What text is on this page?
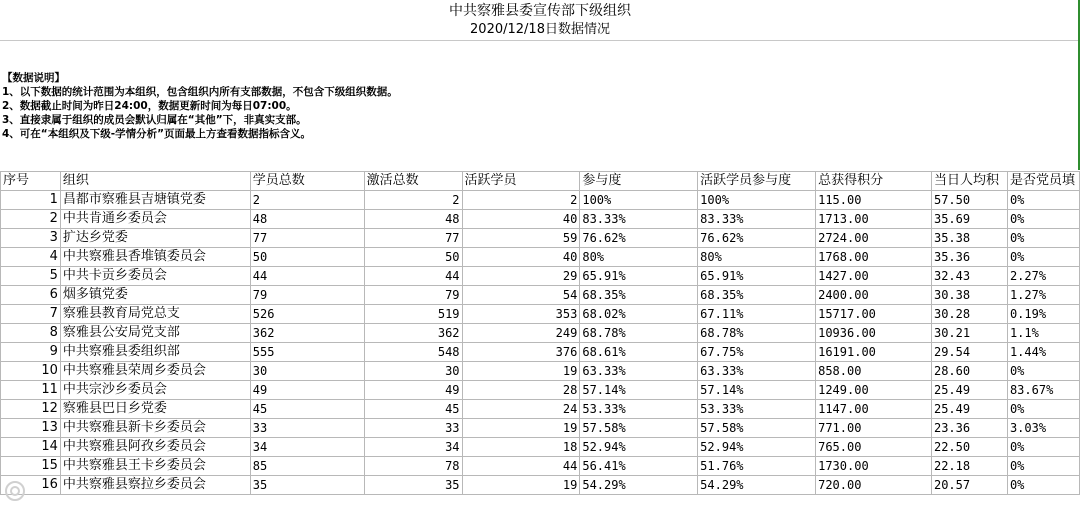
中共察雅县委宣传部下级组织
2020/12/18日数据情况
【数据说明】
1、以下数据的统计范围为本组织，包含组织内所有支部数据，不包含下级组织数据。
2、数据截止时间为昨日24:00，数据更新时间为每日07:00。
3、直接隶属于组织的成员会默认归属在“其他”下，非真实支部。
4、可在“本组织及下级-学情分析”页面最上方查看数据指标含义。
序号	组织	学员总数	激活总数	活跃学员	参与度	活跃学员参与度	总获得积分	当日人均积	是否党员填
1	昌都市察雅县吉塘镇党委	2	2	2	100%	100%	115.00	57.50	0%
2	中共肯通乡委员会	48	48	40	83.33%	83.33%	1713.00	35.69	0%
3	扩达乡党委	77	77	59	76.62%	76.62%	2724.00	35.38	0%
4	中共察雅县香堆镇委员会	50	50	40	80%	80%	1768.00	35.36	0%
5	中共卡贡乡委员会	44	44	29	65.91%	65.91%	1427.00	32.43	2.27%
6	烟多镇党委	79	79	54	68.35%	68.35%	2400.00	30.38	1.27%
7	察雅县教育局党总支	526	519	353	68.02%	67.11%	15717.00	30.28	0.19%
8	察雅县公安局党支部	362	362	249	68.78%	68.78%	10936.00	30.21	1.1%
9	中共察雅县委组织部	555	548	376	68.61%	67.75%	16191.00	29.54	1.44%
10	中共察雅县荣周乡委员会	30	30	19	63.33%	63.33%	858.00	28.60	0%
11	中共宗沙乡委员会	49	49	28	57.14%	57.14%	1249.00	25.49	83.67%
12	察雅县巴日乡党委	45	45	24	53.33%	53.33%	1147.00	25.49	0%
13	中共察雅县新卡乡委员会	33	33	19	57.58%	57.58%	771.00	23.36	3.03%
14	中共察雅县阿孜乡委员会	34	34	18	52.94%	52.94%	765.00	22.50	0%
15	中共察雅县王卡乡委员会	85	78	44	56.41%	51.76%	1730.00	22.18	0%
16	中共察雅县察拉乡委员会	35	35	19	54.29%	54.29%	720.00	20.57	0%
